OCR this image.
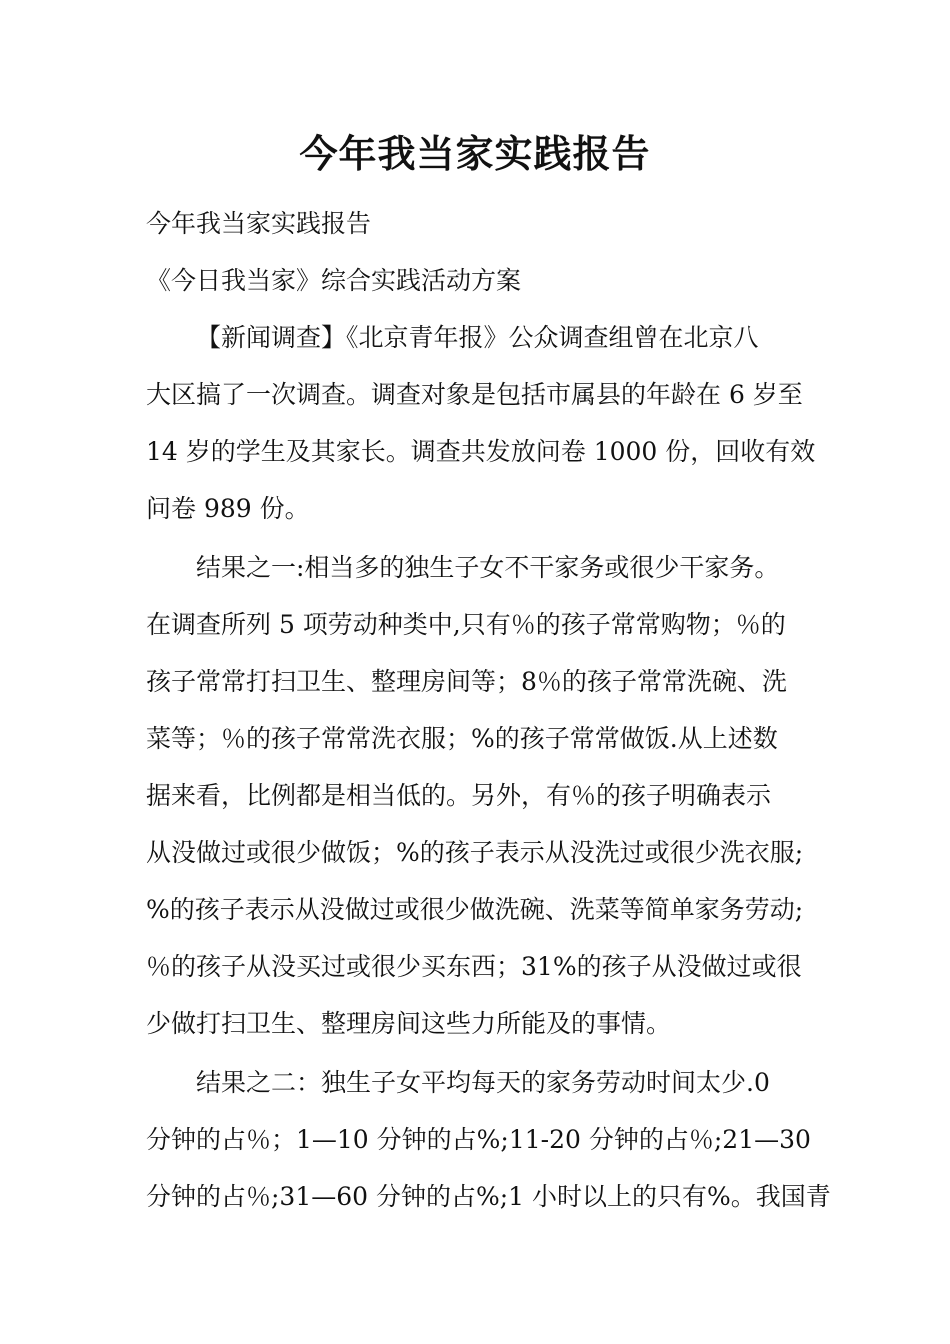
今年我当家实践报告
今年我当家实践报告
《今日我当家》综合实践活动方案
【新闻调查】《北京青年报》公众调查组曾在北京八
大区搞了一次调查。调查对象是包括市属县的年龄在 6 岁至
14 岁的学生及其家长。调查共发放问卷 1000 份，回收有效
问卷 989 份。
结果之一:相当多的独生子女不干家务或很少干家务。
在调查所列 5 项劳动种类中,只有％的孩子常常购物；％的
孩子常常打扫卫生、整理房间等；8％的孩子常常洗碗、洗
菜等；％的孩子常常洗衣服；%的孩子常常做饭.从上述数
据来看，比例都是相当低的。另外，有％的孩子明确表示
从没做过或很少做饭；%的孩子表示从没洗过或很少洗衣服;
%的孩子表示从没做过或很少做洗碗、洗菜等简单家务劳动;
％的孩子从没买过或很少买东西；31%的孩子从没做过或很
少做打扫卫生、整理房间这些力所能及的事情。
结果之二：独生子女平均每天的家务劳动时间太少.0
分钟的占％；1—10 分钟的占%;11-20 分钟的占％;21—30
分钟的占％;31—60 分钟的占%;1 小时以上的只有%。我国青
